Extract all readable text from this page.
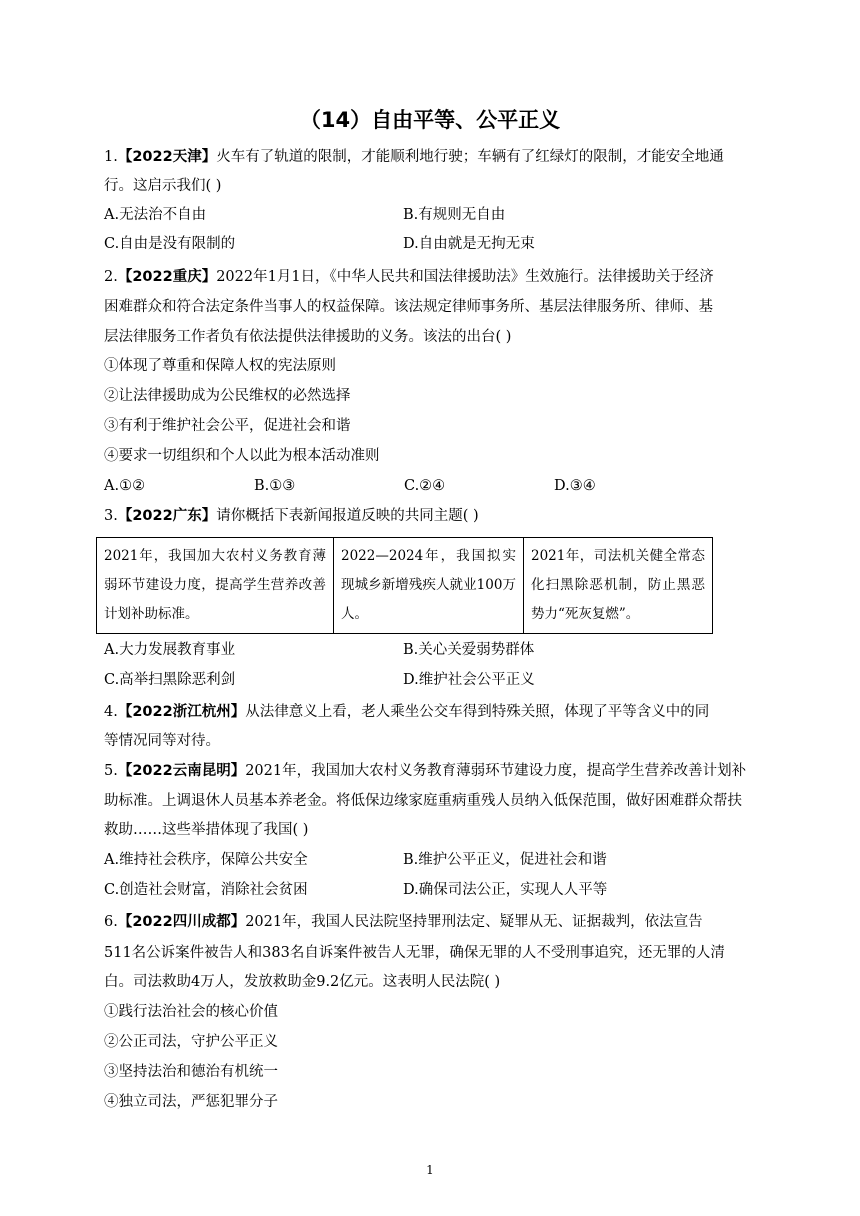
（14）自由平等、公平正义
1.【2022天津】火车有了轨道的限制，才能顺利地行驶；车辆有了红绿灯的限制，才能安全地通
行。这启示我们( )
A.无法治不自由	B.有规则无自由
C.自由是没有限制的	D.自由就是无拘无束
2.【2022重庆】2022年1月1日，《中华人民共和国法律援助法》生效施行。法律援助关于经济
困难群众和符合法定条件当事人的权益保障。该法规定律师事务所、基层法律服务所、律师、基
层法律服务工作者负有依法提供法律援助的义务。该法的出台( )
①体现了尊重和保障人权的宪法原则
②让法律援助成为公民维权的必然选择
③有利于维护社会公平，促进社会和谐
④要求一切组织和个人以此为根本活动准则
A.①②	B.①③	C.②④	D.③④
3.【2022广东】请你概括下表新闻报道反映的共同主题( )
2021年，我国加大农村义务教育薄弱环节建设力度，提高学生营养改善计划补助标准。	2022—2024年，我国拟实现城乡新增残疾人就业100万人。	2021年，司法机关健全常态化扫黑除恶机制，防止黑恶势力“死灰复燃”。
A.大力发展教育事业	B.关心关爱弱势群体
C.高举扫黑除恶利剑	D.维护社会公平正义
4.【2022浙江杭州】从法律意义上看，老人乘坐公交车得到特殊关照，体现了平等含义中的同
等情况同等对待。
5.【2022云南昆明】2021年，我国加大农村义务教育薄弱环节建设力度，提高学生营养改善计划补
助标准。上调退休人员基本养老金。将低保边缘家庭重病重残人员纳入低保范围，做好困难群众帮扶
救助……这些举措体现了我国( )
A.维持社会秩序，保障公共安全	B.维护公平正义，促进社会和谐
C.创造社会财富，消除社会贫困	D.确保司法公正，实现人人平等
6.【2022四川成都】2021年，我国人民法院坚持罪刑法定、疑罪从无、证据裁判，依法宣告
511名公诉案件被告人和383名自诉案件被告人无罪，确保无罪的人不受刑事追究，还无罪的人清
白。司法救助4万人，发放救助金9.2亿元。这表明人民法院( )
①践行法治社会的核心价值
②公正司法，守护公平正义
③坚持法治和德治有机统一
④独立司法，严惩犯罪分子
1
